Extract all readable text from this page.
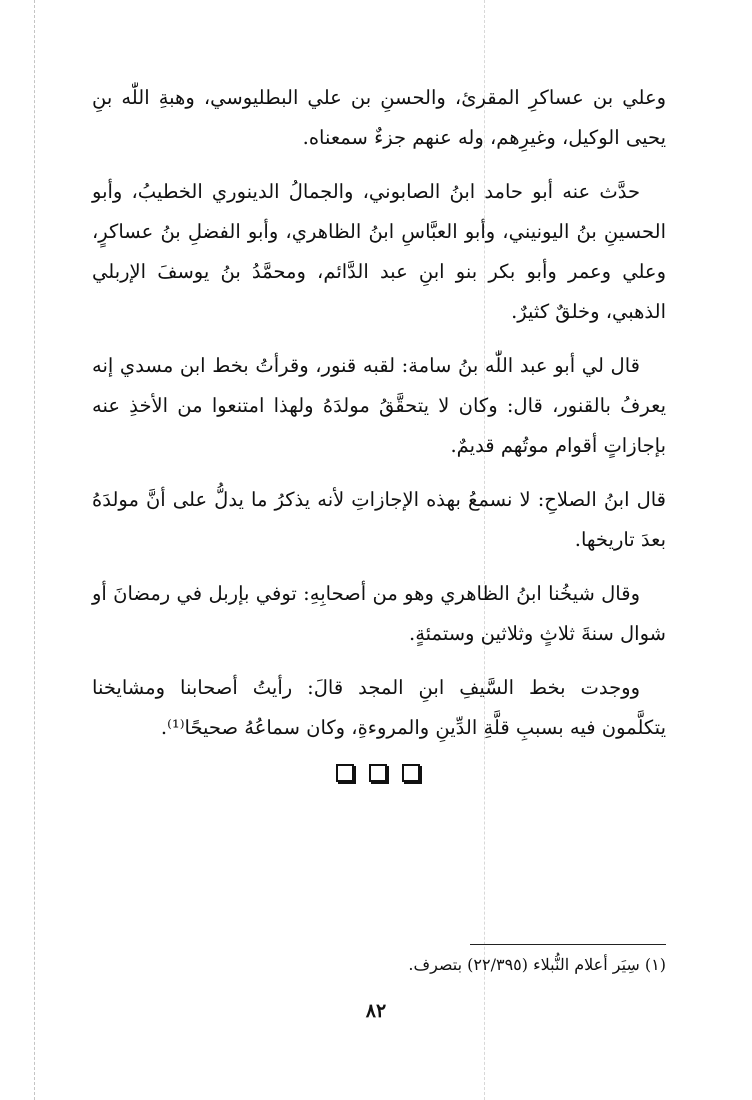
وعلي بن عساكرِ المقرئ، والحسنِ بن علي البطليوسي، وهبةِ اللّٰه بنِ يحيى الوكيل، وغيرِهم، وله عنهم جزءٌ سمعناه.

حدَّث عنه أبو حامد ابنُ الصابوني، والجمالُ الدينوري الخطيبُ، وأبو الحسينِ بنُ اليونيني، وأبو العبَّاسِ ابنُ الظاهري، وأبو الفضلِ بنُ عساكرٍ، وعلي وعمر وأبو بكر بنو ابنِ عبد الدَّائم، ومحمَّدُ بنُ يوسفَ الإربلي الذهبي، وخلقٌ كثيرٌ.

قال لي أبو عبد اللّٰه بنُ سامة: لقبه قنور، وقرأتُ بخط ابن مسدي إنه يعرفُ بالقنور، قال: وكان لا يتحقَّقُ مولدَهُ ولهذا امتنعوا من الأخذِ عنه بإجازاتٍ أقوام موتُهم قديمٌ.

قال ابنُ الصلاحِ: لا نسمعُ بهذه الإجازاتِ لأنه يذكرُ ما يدلُّ على أنَّ مولدَهُ بعدَ تاريخها.

وقال شيخُنا ابنُ الظاهري وهو من أصحابِهِ: توفي بإربل في رمضانَ أو شوال سنةَ ثلاثٍ وثلاثين وستمئةٍ.

ووجدت بخط السَّيفِ ابنِ المجد قالَ: رأيتُ أصحابنا ومشايخنا يتكلَّمون فيه بسببِ قلَّةِ الدِّينِ والمروءةِ، وكان سماعُهُ صحيحًا⁽¹⁾.

(١) سِيَر أعلام النُّبلاء (٢٢/٣٩٥) بتصرف.
٨٢
